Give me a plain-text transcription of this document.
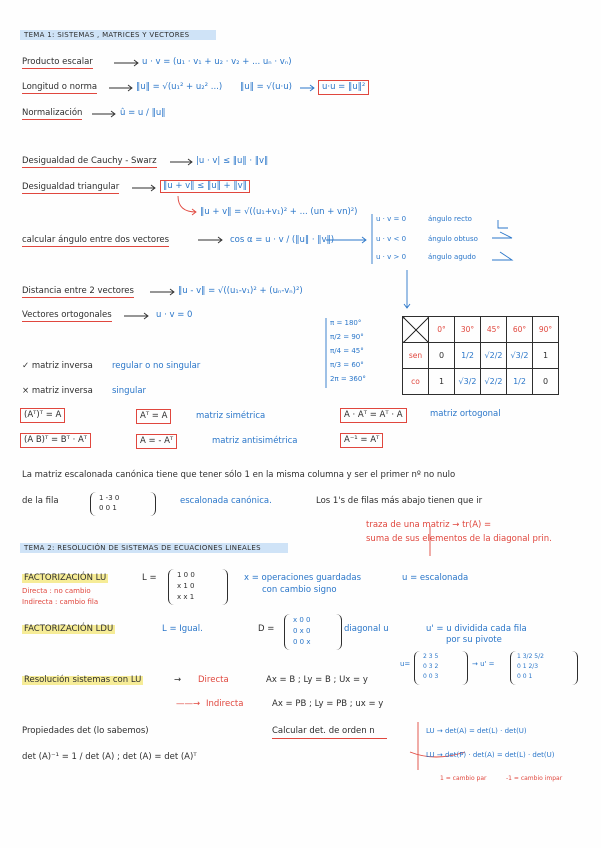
TEMA 1: SISTEMAS , MATRICES Y VECTORES
Producto escalar	u · v = (u₁ · v₁ + u₂ · v₂ + ... uₙ · vₙ)
Longitud o norma	‖u‖ = √(u₁² + u₂² ...) ‖u‖ = √(u·u)	u·u = ‖u‖²
Normalización	û = u / ‖u‖
Desigualdad de Cauchy - Swarz	|u · v| ≤ ‖u‖ · ‖v‖
Desigualdad triangular	‖u + v‖ ≤ ‖u‖ + ‖v‖
‖u + v‖ = √((u₁+v₁)² + ... (un + vn)²)
calcular ángulo entre dos vectores	cos α = u · v / (‖u‖ · ‖v‖)
u · v = 0	ángulo recto
u · v < 0	ángulo obtuso
u · v > 0	ángulo agudo
Distancia entre 2 vectores	‖u - v‖ = √((u₁-v₁)² + (uₙ-vₙ)²)
Vectores ortogonales	u · v = 0
π = 180°
π/2 = 90°
π/4 = 45°
π/3 = 60°
2π = 360°
	0°	30°	45°	60°	90°
sen	0	1/2	√2/2	√3/2	1
co	1	√3/2	√2/2	1/2	0
✓ matriz inversa regular o no singular
× matriz inversa singular
(Aᵀ)ᵀ = A
(A B)ᵀ = Bᵀ · Aᵀ
Aᵀ = A	matriz simétrica
A = - Aᵀ	matriz antisimétrica
A · Aᵀ = Aᵀ · A	matriz ortogonal
A⁻¹ = Aᵀ
La matriz escalonada canónica tiene que tener sólo 1 en la misma columna y ser el primer nº no nulo
de la fila	1 -3 0
0 0 1
escalonada canónica.	Los 1's de filas más abajo tienen que ir
traza de una matriz → tr(A) =
suma de sus elementos de la diagonal prin.
TEMA 2: RESOLUCIÓN DE SISTEMAS DE ECUACIONES LINEALES
FACTORIZACIÓN LU
Directa : no cambio
Indirecta : cambio fila
L =	1 0 0
x 1 0
x x 1
x = operaciones guardadas
con cambio signo
u = escalonada
FACTORIZACIÓN LDU	L = Igual.	D =
x 0 0
0 x 0
0 0 x
diagonal u	u' = u dividida cada fila
por su pivote
u=
2 3 5
0 3 2
0 0 3
→ u' =
1 3/2 5/2
0 1 2/3
0 0 1
Resolución sistemas con LU	→ Directa	Ax = B ; Ly = B ; Ux = y
——→ Indirecta	Ax = PB ; Ly = PB ; ux = y
Propiedades det (lo sabemos)
det (A)⁻¹ = 1 / det (A) ; det (A) = det (A)ᵀ
Calcular det. de orden n	LU → det(A) = det(L) · det(U)
LU → det(P) · det(A) = det(L) · det(U)
1 = cambio par	-1 = cambio impar
